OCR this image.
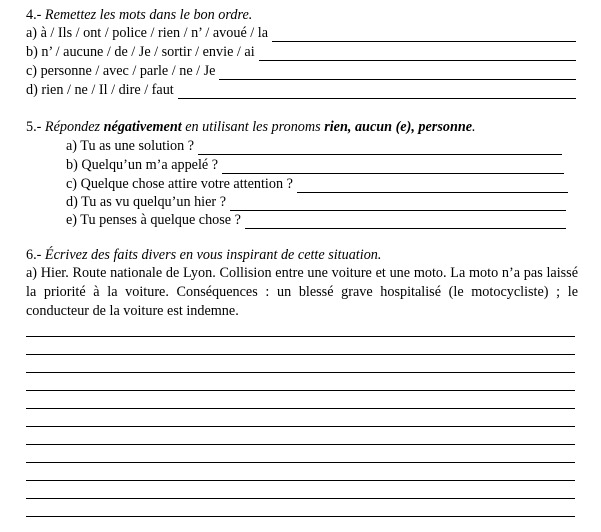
4.- Remettez les mots dans le bon ordre.
a) à / Ils / ont / police / rien / n’ / avoué / la
b) n’ / aucune / de / Je / sortir / envie / ai
c) personne / avec / parle / ne / Je
d) rien / ne / Il / dire / faut
5.- Répondez négativement en utilisant les pronoms rien, aucun (e), personne.
a) Tu as une solution ?
b) Quelqu’un m’a appelé ?
c) Quelque chose attire votre attention ?
d) Tu as vu quelqu’un hier ?
e) Tu penses à quelque chose ?
6.- Écrivez des faits divers en vous inspirant de cette situation.
a) Hier. Route nationale de Lyon. Collision entre une voiture et une moto. La moto n’a pas laissé la priorité à la voiture. Conséquences : un blessé grave hospitalisé (le motocycliste) ; le conducteur de la voiture est indemne.
